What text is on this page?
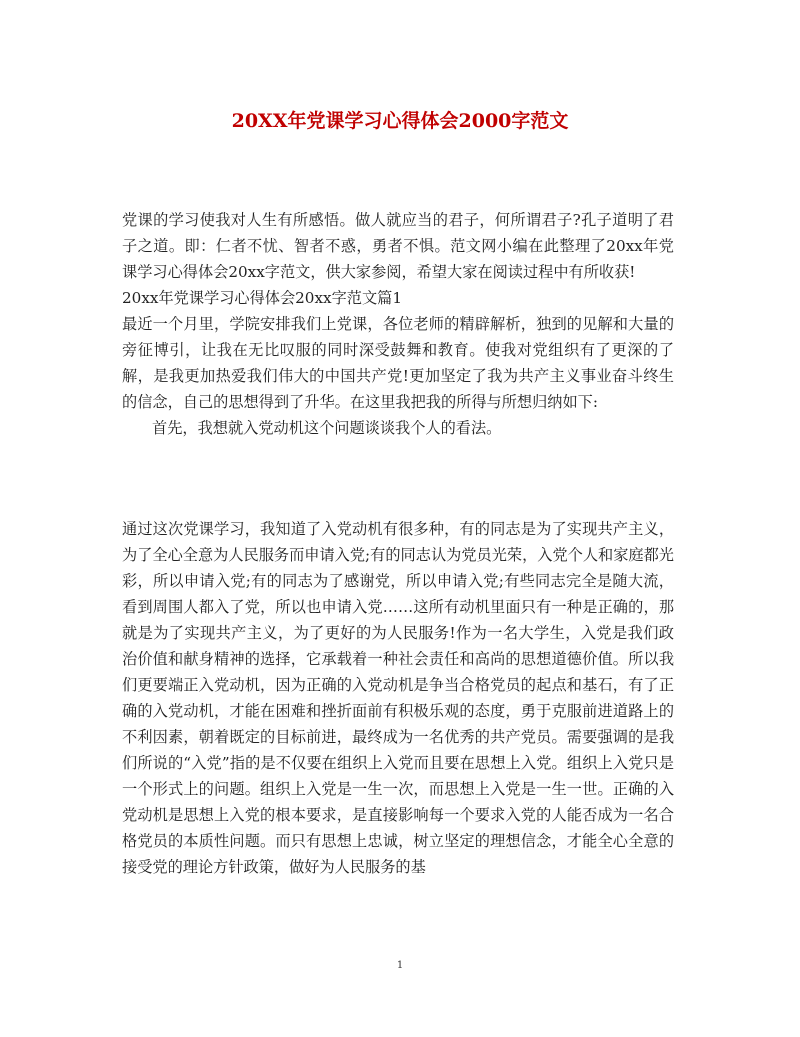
20XX年党课学习心得体会2000字范文

党课的学习使我对人生有所感悟。做人就应当的君子，何所谓君子?孔子道明了君子之道。即：仁者不忧、智者不惑，勇者不惧。范文网小编在此整理了20xx年党课学习心得体会20xx字范文，供大家参阅，希望大家在阅读过程中有所收获!

20xx年党课学习心得体会20xx字范文篇1

最近一个月里，学院安排我们上党课，各位老师的精辟解析，独到的见解和大量的旁征博引，让我在无比叹服的同时深受鼓舞和教育。使我对党组织有了更深的了解，是我更加热爱我们伟大的中国共产党!更加坚定了我为共产主义事业奋斗终生的信念，自己的思想得到了升华。在这里我把我的所得与所想归纳如下:

首先，我想就入党动机这个问题谈谈我个人的看法。

通过这次党课学习，我知道了入党动机有很多种，有的同志是为了实现共产主义，为了全心全意为人民服务而申请入党;有的同志认为党员光荣，入党个人和家庭都光彩，所以申请入党;有的同志为了感谢党，所以申请入党;有些同志完全是随大流，看到周围人都入了党，所以也申请入党……这所有动机里面只有一种是正确的，那就是为了实现共产主义，为了更好的为人民服务!作为一名大学生，入党是我们政治价值和献身精神的选择，它承载着一种社会责任和高尚的思想道德价值。所以我们更要端正入党动机，因为正确的入党动机是争当合格党员的起点和基石，有了正确的入党动机，才能在困难和挫折面前有积极乐观的态度，勇于克服前进道路上的不利因素，朝着既定的目标前进，最终成为一名优秀的共产党员。需要强调的是我们所说的“入党”指的是不仅要在组织上入党而且要在思想上入党。组织上入党只是一个形式上的问题。组织上入党是一生一次，而思想上入党是一生一世。正确的入党动机是思想上入党的根本要求，是直接影响每一个要求入党的人能否成为一名合格党员的本质性问题。而只有思想上忠诚，树立坚定的理想信念，才能全心全意的接受党的理论方针政策，做好为人民服务的基

1
